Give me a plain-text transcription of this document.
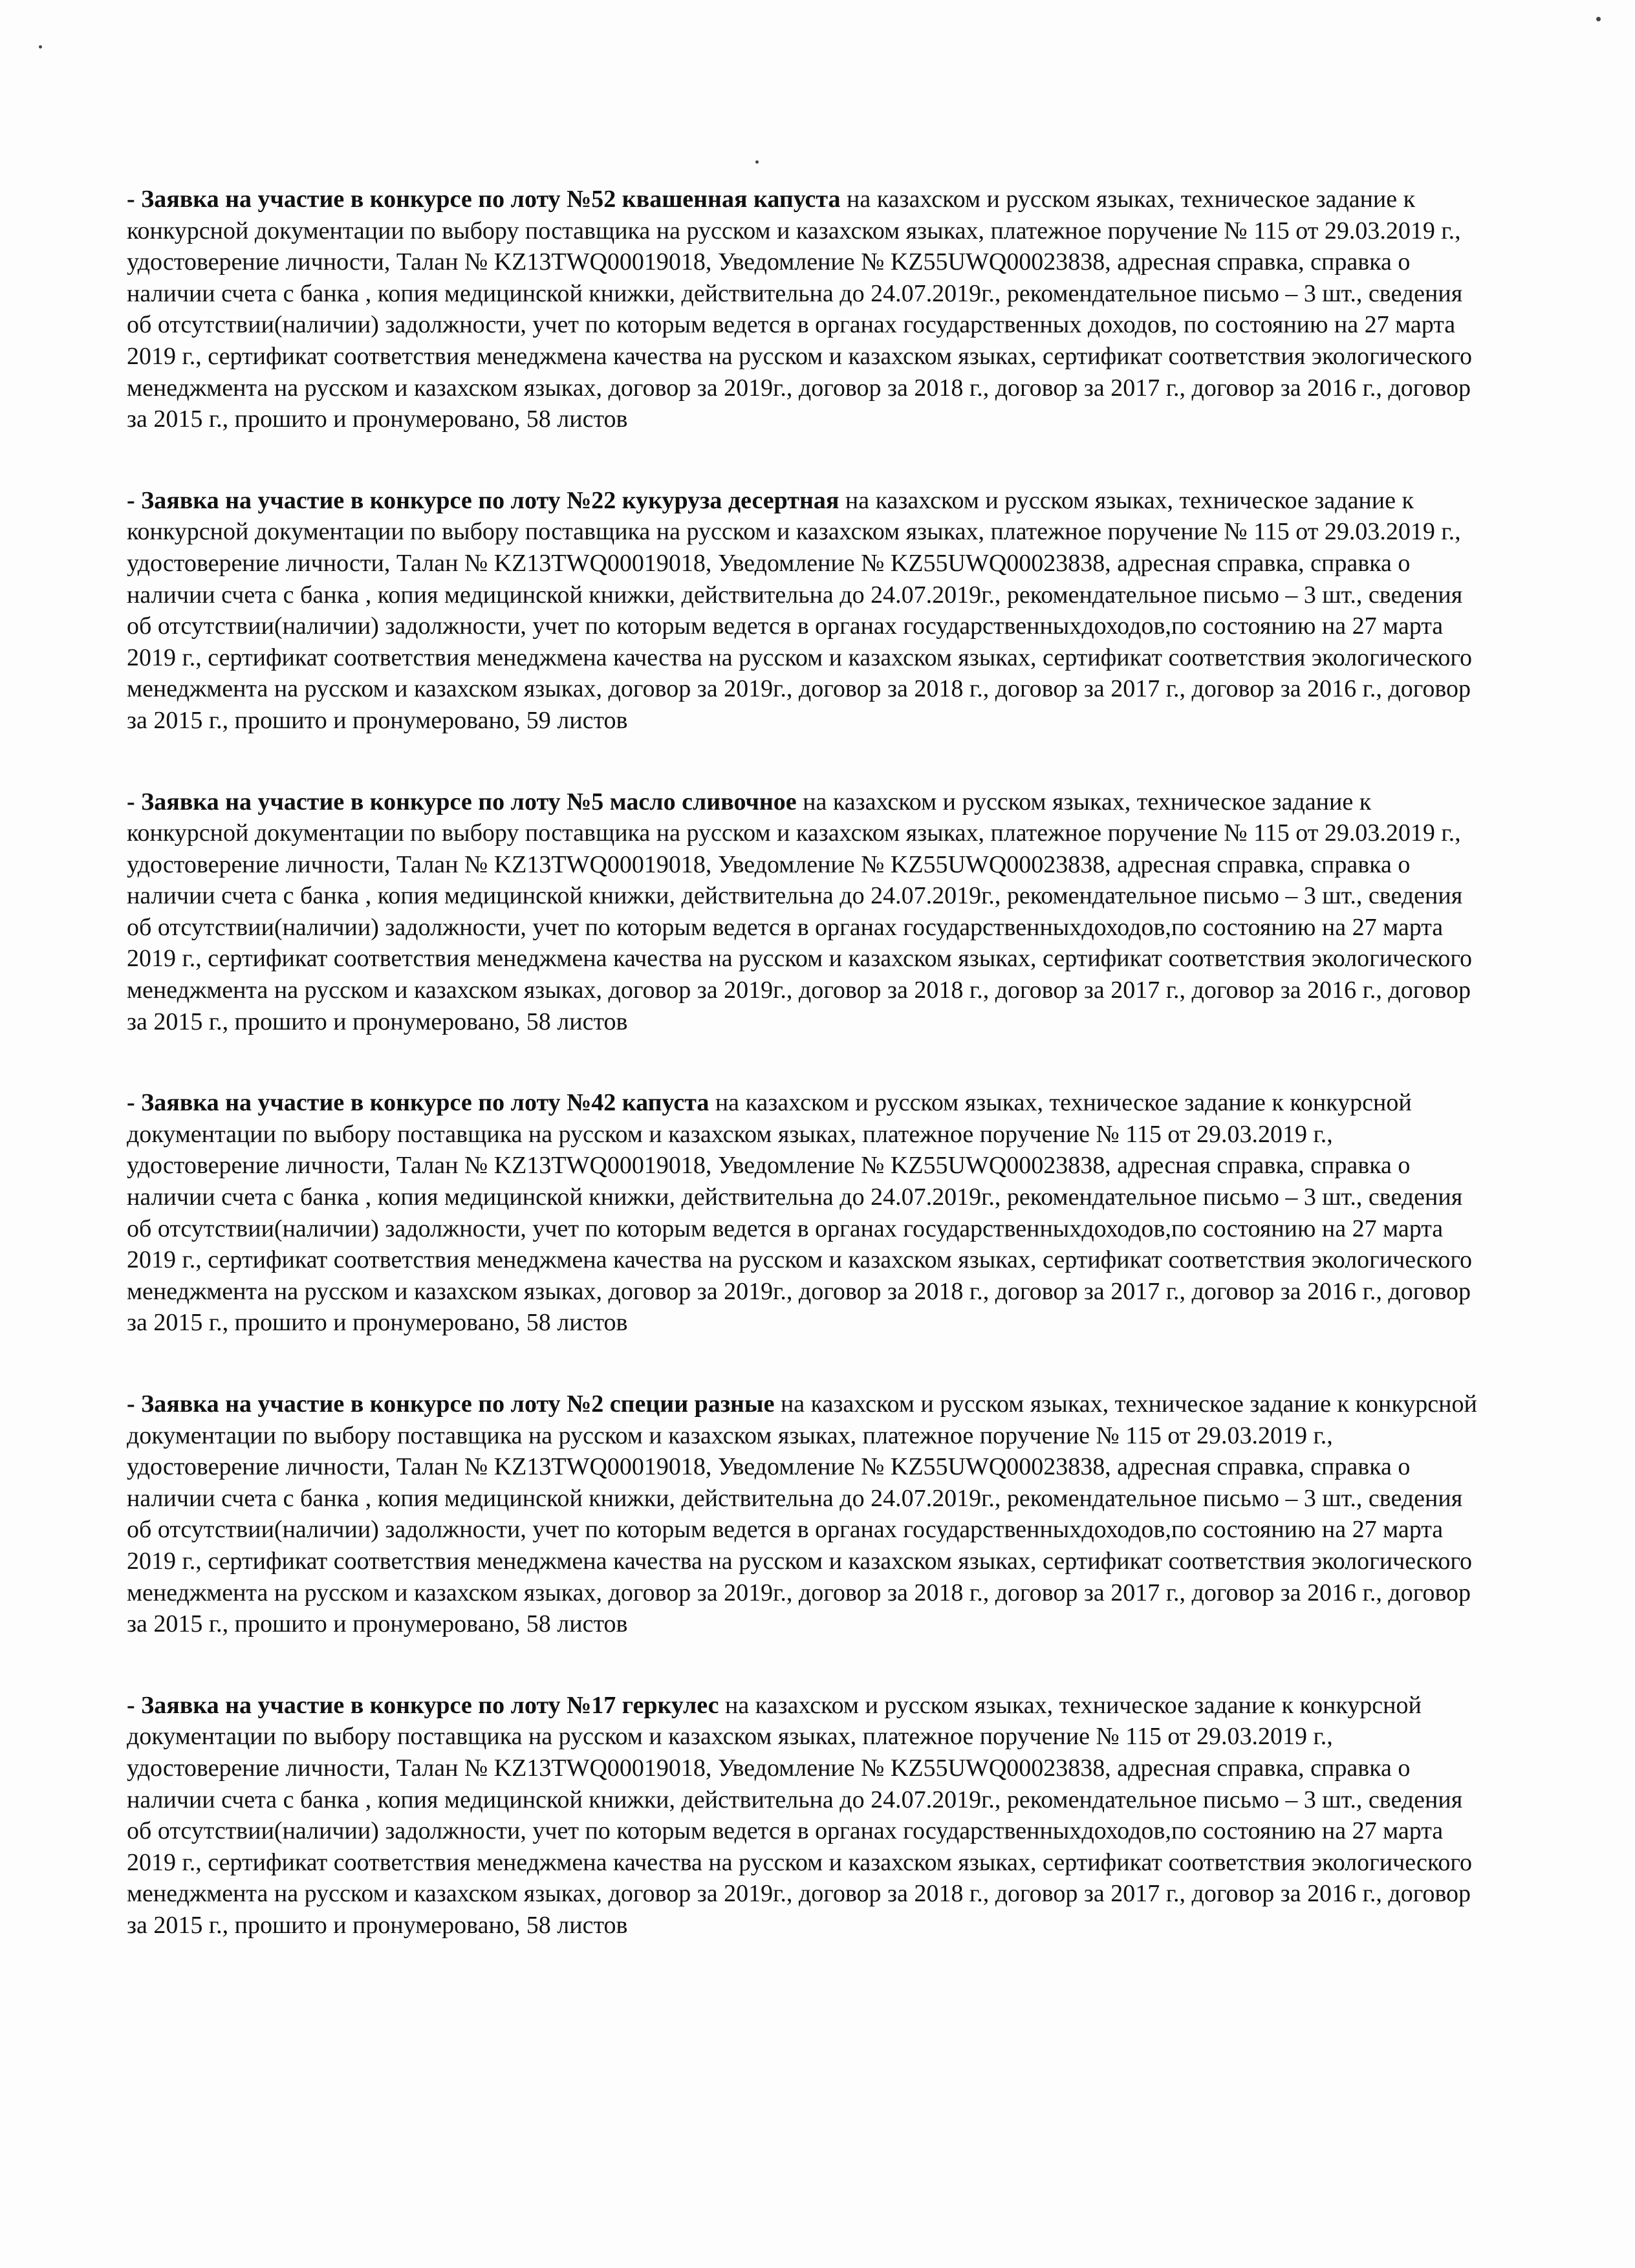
- Заявка на участие в конкурсе по лоту №52 квашенная капуста на казахском и русском языках, техническое задание к конкурсной документации по выбору поставщика на русском и казахском языках, платежное поручение № 115 от 29.03.2019 г., удостоверение личности, Талан № KZ13TWQ00019018, Уведомление № KZ55UWQ00023838, адресная справка, справка о наличии счета с банка , копия медицинской книжки, действительна до 24.07.2019г., рекомендательное письмо – 3 шт., сведения об отсутствии(наличии) задолжности, учет по которым ведется в органах государственных доходов, по состоянию на 27 марта 2019 г., сертификат соответствия менеджмена качества на русском и казахском языках, сертификат соответствия экологического менеджмента на русском и казахском языках, договор за 2019г., договор за 2018 г., договор за 2017 г., договор за 2016 г., договор за 2015 г., прошито и пронумеровано, 58 листов

- Заявка на участие в конкурсе по лоту №22 кукуруза десертная на казахском и русском языках, техническое задание к конкурсной документации по выбору поставщика на русском и казахском языках, платежное поручение № 115 от 29.03.2019 г., удостоверение личности, Талан № KZ13TWQ00019018, Уведомление № KZ55UWQ00023838, адресная справка, справка о наличии счета с банка , копия медицинской книжки, действительна до 24.07.2019г., рекомендательное письмо – 3 шт., сведения об отсутствии(наличии) задолжности, учет по которым ведется в органах государственныхдоходов,по состоянию на 27 марта 2019 г., сертификат соответствия менеджмена качества на русском и казахском языках, сертификат соответствия экологического менеджмента на русском и казахском языках, договор за 2019г., договор за 2018 г., договор за 2017 г., договор за 2016 г., договор за 2015 г., прошито и пронумеровано, 59 листов

- Заявка на участие в конкурсе по лоту №5 масло сливочное на казахском и русском языках, техническое задание к конкурсной документации по выбору поставщика на русском и казахском языках, платежное поручение № 115 от 29.03.2019 г., удостоверение личности, Талан № KZ13TWQ00019018, Уведомление № KZ55UWQ00023838, адресная справка, справка о наличии счета с банка , копия медицинской книжки, действительна до 24.07.2019г., рекомендательное письмо – 3 шт., сведения об отсутствии(наличии) задолжности, учет по которым ведется в органах государственныхдоходов,по состоянию на 27 марта 2019 г., сертификат соответствия менеджмена качества на русском и казахском языках, сертификат соответствия экологического менеджмента на русском и казахском языках, договор за 2019г., договор за 2018 г., договор за 2017 г., договор за 2016 г., договор за 2015 г., прошито и пронумеровано, 58 листов

- Заявка на участие в конкурсе по лоту №42 капуста на казахском и русском языках, техническое задание к конкурсной документации по выбору поставщика на русском и казахском языках, платежное поручение № 115 от 29.03.2019 г., удостоверение личности, Талан № KZ13TWQ00019018, Уведомление № KZ55UWQ00023838, адресная справка, справка о наличии счета с банка , копия медицинской книжки, действительна до 24.07.2019г., рекомендательное письмо – 3 шт., сведения об отсутствии(наличии) задолжности, учет по которым ведется в органах государственныхдоходов,по состоянию на 27 марта 2019 г., сертификат соответствия менеджмена качества на русском и казахском языках, сертификат соответствия экологического менеджмента на русском и казахском языках, договор за 2019г., договор за 2018 г., договор за 2017 г., договор за 2016 г., договор за 2015 г., прошито и пронумеровано, 58 листов

- Заявка на участие в конкурсе по лоту №2 специи разные на казахском и русском языках, техническое задание к конкурсной документации по выбору поставщика на русском и казахском языках, платежное поручение № 115 от 29.03.2019 г., удостоверение личности, Талан № KZ13TWQ00019018, Уведомление № KZ55UWQ00023838, адресная справка, справка о наличии счета с банка , копия медицинской книжки, действительна до 24.07.2019г., рекомендательное письмо – 3 шт., сведения об отсутствии(наличии) задолжности, учет по которым ведется в органах государственныхдоходов,по состоянию на 27 марта 2019 г., сертификат соответствия менеджмена качества на русском и казахском языках, сертификат соответствия экологического менеджмента на русском и казахском языках, договор за 2019г., договор за 2018 г., договор за 2017 г., договор за 2016 г., договор за 2015 г., прошито и пронумеровано, 58 листов

- Заявка на участие в конкурсе по лоту №17 геркулес на казахском и русском языках, техническое задание к конкурсной документации по выбору поставщика на русском и казахском языках, платежное поручение № 115 от 29.03.2019 г., удостоверение личности, Талан № KZ13TWQ00019018, Уведомление № KZ55UWQ00023838, адресная справка, справка о наличии счета с банка , копия медицинской книжки, действительна до 24.07.2019г., рекомендательное письмо – 3 шт., сведения об отсутствии(наличии) задолжности, учет по которым ведется в органах государственныхдоходов,по состоянию на 27 марта 2019 г., сертификат соответствия менеджмена качества на русском и казахском языках, сертификат соответствия экологического менеджмента на русском и казахском языках, договор за 2019г., договор за 2018 г., договор за 2017 г., договор за 2016 г., договор за 2015 г., прошито и пронумеровано, 58 листов
